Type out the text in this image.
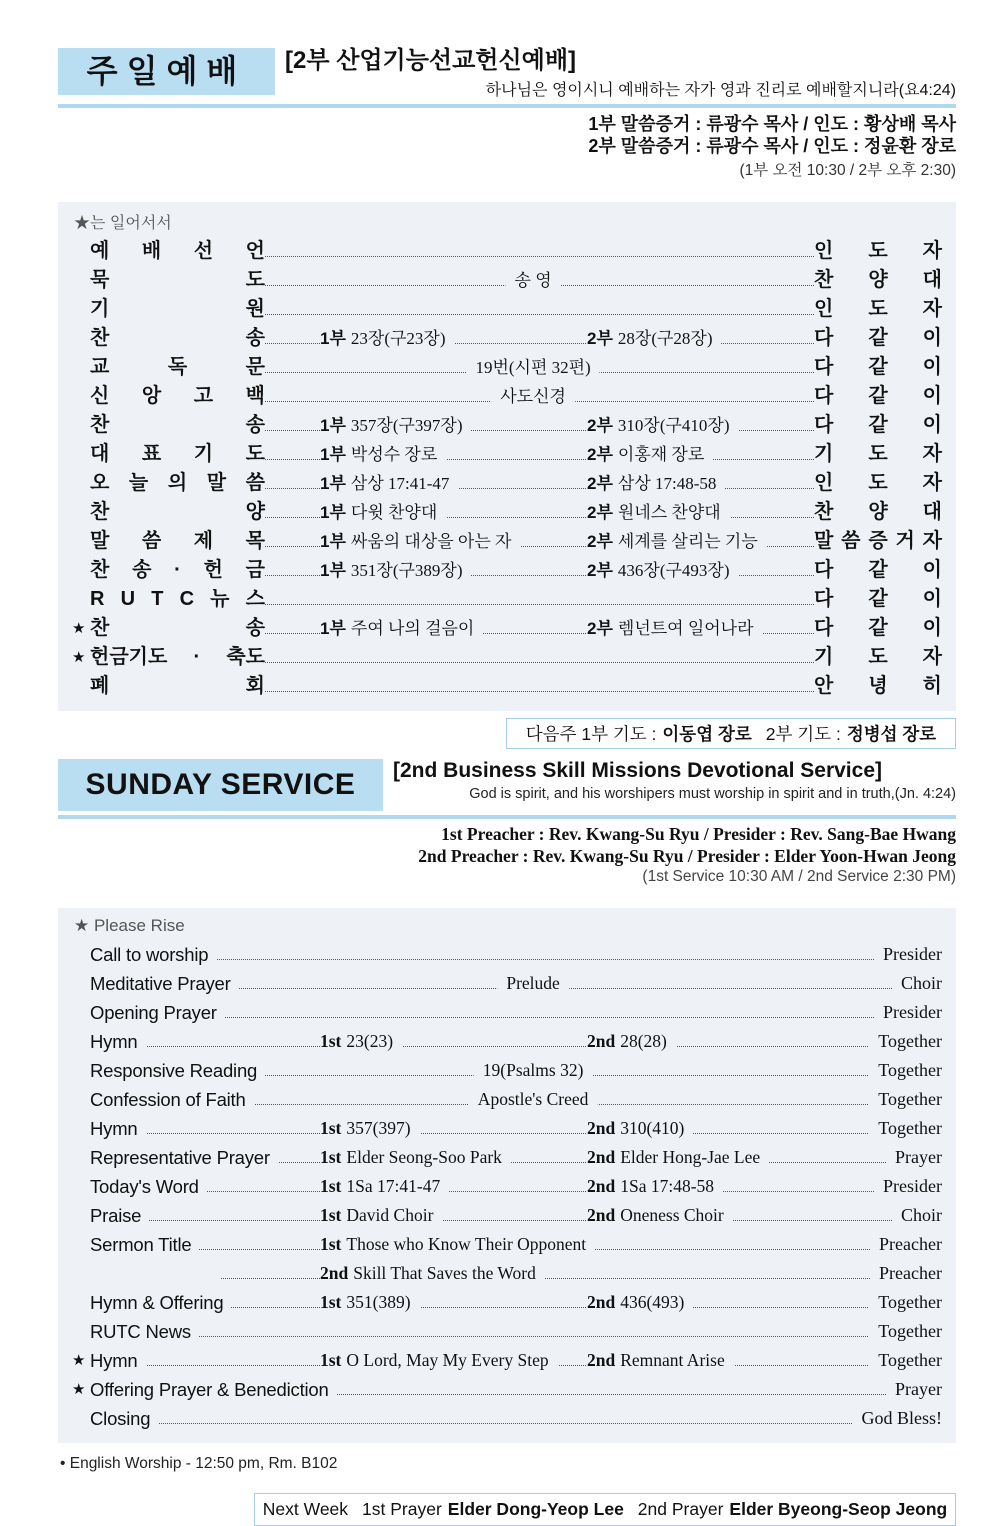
주일예배	[2부 산업기능선교헌신예배]
하나님은 영이시니 예배하는 자가 영과 진리로 예배할지니라(요4:24)
1부 말씀증거 : 류광수 목사 / 인도 : 황상배 목사
2부 말씀증거 : 류광수 목사 / 인도 : 정윤환 장로
(1부 오전 10:30 / 2부 오후 2:30)
★는 일어서서
예 배 선 언	인 도 자
묵 도	송 영	찬 양 대
기 원	인 도 자
찬 송	1부 23장(구23장)	2부 28장(구28장)	다 같 이
교 독 문	19번(시편 32편)	다 같 이
신 앙 고 백	사도신경	다 같 이
찬 송	1부 357장(구397장)	2부 310장(구410장)	다 같 이
대 표 기 도	1부 박성수 장로	2부 이홍재 장로	기 도 자
오 늘 의 말 씀	1부 삼상 17:41-47	2부 삼상 17:48-58	인 도 자
찬 양	1부 다윗 찬양대	2부 원네스 찬양대	찬 양 대
말 씀 제 목	1부 싸움의 대상을 아는 자	2부 세계를 살리는 기능	말 씀 증 거 자
찬 송 · 헌 금	1부 351장(구389장)	2부 436장(구493장)	다 같 이
R U T C 뉴 스	다 같 이
★ 찬 송	1부 주여 나의 걸음이	2부 렘넌트여 일어나라	다 같 이
★ 헌금기도 · 축도	기 도 자
폐 회	안 녕 히
다음주 1부 기도 : 이동엽 장로 2부 기도 : 정병섭 장로
SUNDAY SERVICE	[2nd Business Skill Missions Devotional Service]
God is spirit, and his worshipers must worship in spirit and in truth,(Jn. 4:24)
1st Preacher : Rev. Kwang-Su Ryu / Presider : Rev. Sang-Bae Hwang
2nd Preacher : Rev. Kwang-Su Ryu / Presider : Elder Yoon-Hwan Jeong
(1st Service 10:30 AM / 2nd Service 2:30 PM)
★ Please Rise
Call to worship	Presider
Meditative Prayer	Prelude	Choir
Opening Prayer	Presider
Hymn	1st 23(23)	2nd 28(28)	Together
Responsive Reading	19(Psalms 32)	Together
Confession of Faith	Apostle's Creed	Together
Hymn	1st 357(397)	2nd 310(410)	Together
Representative Prayer	1st Elder Seong-Soo Park	2nd Elder Hong-Jae Lee	Prayer
Today's Word	1st 1Sa 17:41-47	2nd 1Sa 17:48-58	Presider
Praise	1st David Choir	2nd Oneness Choir	Choir
Sermon Title	1st Those who Know Their Opponent	Preacher
2nd Skill That Saves the Word	Preacher
Hymn & Offering	1st 351(389)	2nd 436(493)	Together
RUTC News	Together
★ Hymn	1st O Lord, May My Every Step	2nd Remnant Arise	Together
★ Offering Prayer & Benediction	Prayer
Closing	God Bless!
• English Worship - 12:50 pm, Rm. B102
Next Week 1st Prayer Elder Dong-Yeop Lee 2nd Prayer Elder Byeong-Seop Jeong
